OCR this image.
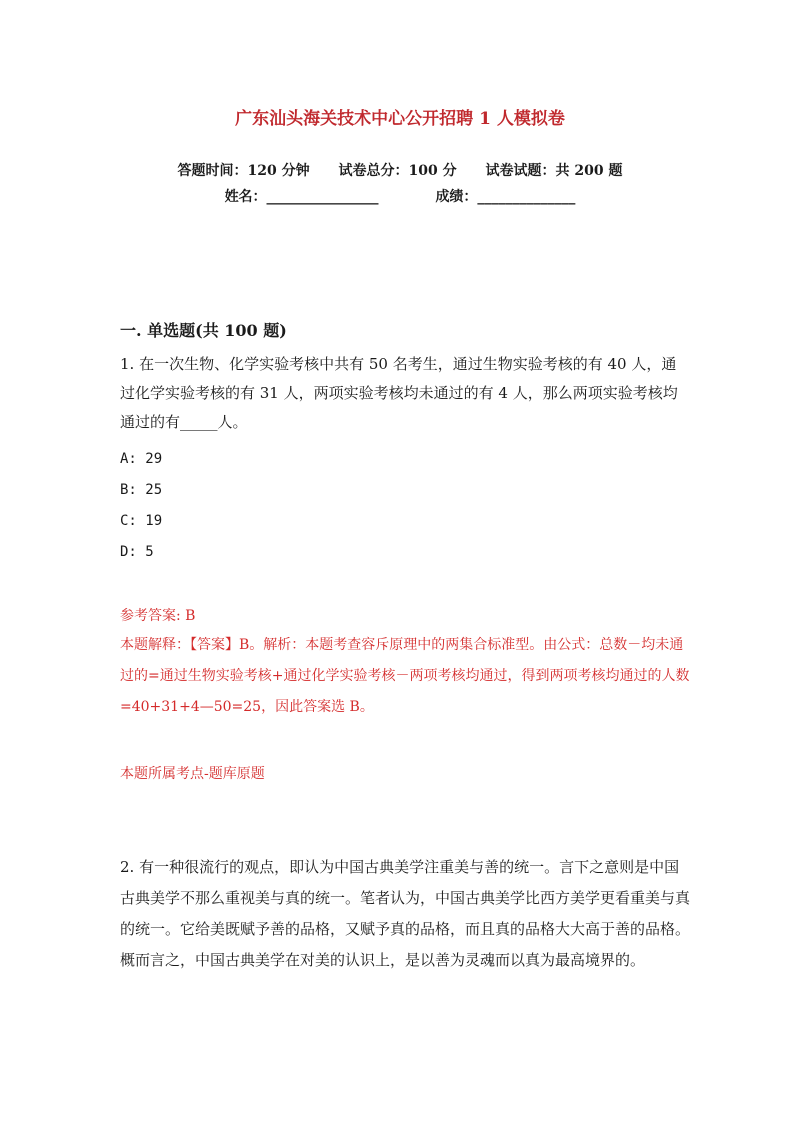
广东汕头海关技术中心公开招聘 1 人模拟卷
答题时间：120 分钟 试卷总分：100 分 试卷试题：共 200 题
姓名：________________	成绩：______________
一. 单选题(共 100 题)
1. 在一次生物、化学实验考核中共有 50 名考生，通过生物实验考核的有 40 人，通过化学实验考核的有 31 人，两项实验考核均未通过的有 4 人，那么两项实验考核均通过的有_____人。
A: 29
B: 25
C: 19
D: 5
参考答案: B
本题解释：【答案】B。解析：本题考查容斥原理中的两集合标准型。由公式：总数－均未通过的=通过生物实验考核+通过化学实验考核－两项考核均通过，得到两项考核均通过的人数=40+31+4—50=25，因此答案选 B。
本题所属考点-题库原题
2. 有一种很流行的观点，即认为中国古典美学注重美与善的统一。言下之意则是中国古典美学不那么重视美与真的统一。笔者认为，中国古典美学比西方美学更看重美与真的统一。它给美既赋予善的品格，又赋予真的品格，而且真的品格大大高于善的品格。概而言之，中国古典美学在对美的认识上，是以善为灵魂而以真为最高境界的。
